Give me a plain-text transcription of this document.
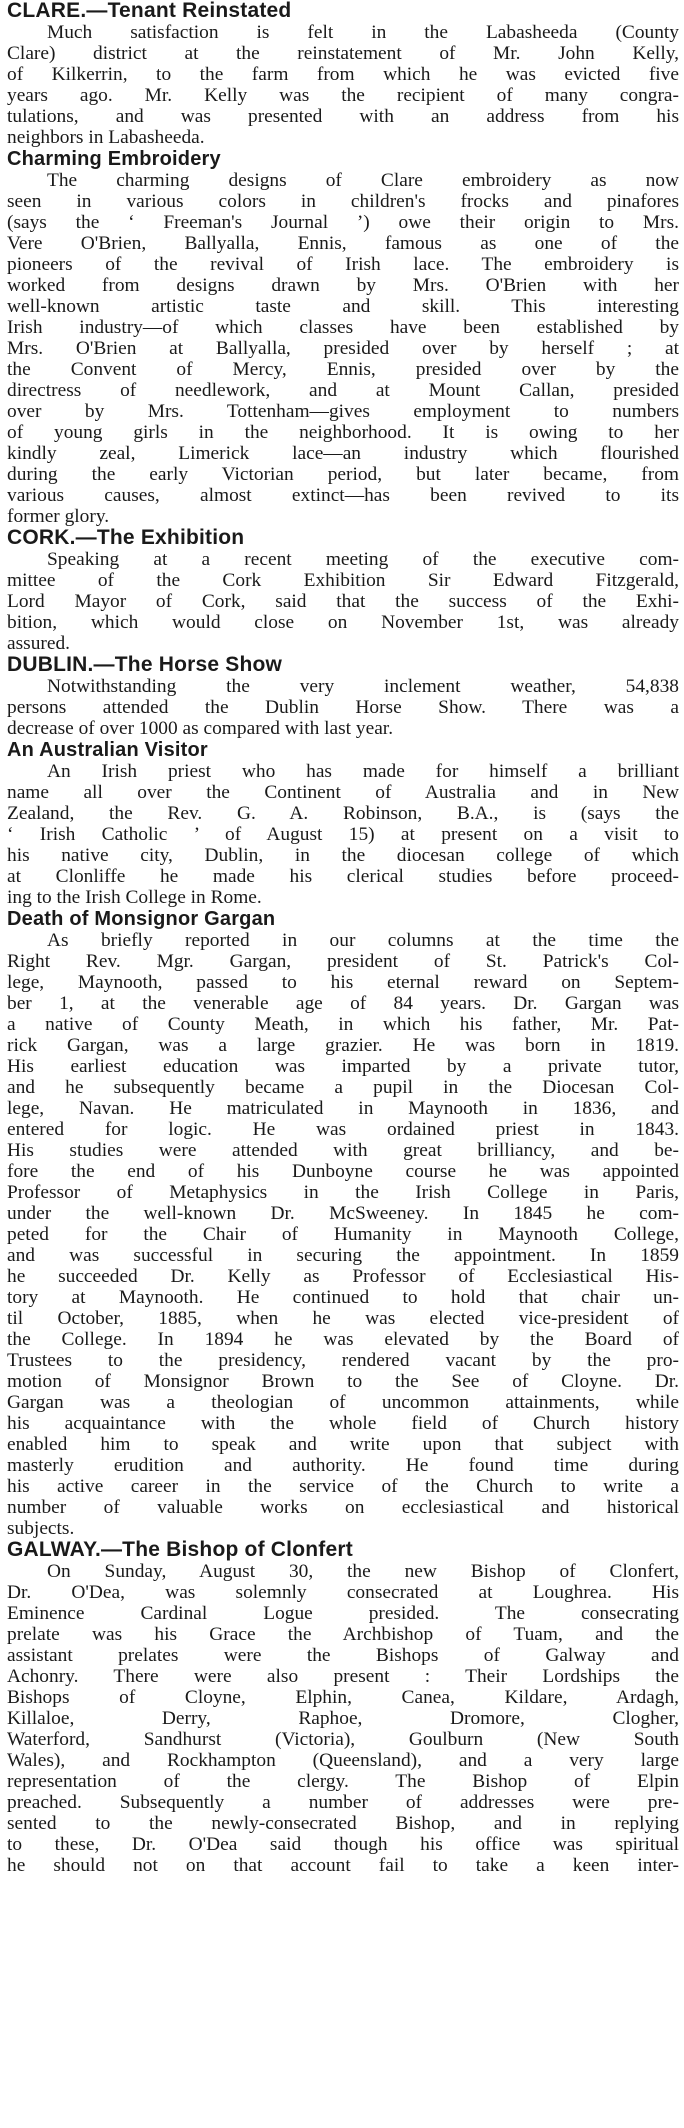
CLARE.—Tenant Reinstated
Much satisfaction is felt in the Labasheeda (County
Clare) district at the reinstatement of Mr. John Kelly,
of Kilkerrin, to the farm from which he was evicted five
years ago. Mr. Kelly was the recipient of many congra-
tulations, and was presented with an address from his
neighbors in Labasheeda.
Charming Embroidery
The charming designs of Clare embroidery as now
seen in various colors in children's frocks and pinafores
(says the ‘ Freeman's Journal ’) owe their origin to Mrs.
Vere O'Brien, Ballyalla, Ennis, famous as one of the
pioneers of the revival of Irish lace. The embroidery is
worked from designs drawn by Mrs. O'Brien with her
well-known artistic taste and skill. This interesting
Irish industry—of which classes have been established by
Mrs. O'Brien at Ballyalla, presided over by herself ; at
the Convent of Mercy, Ennis, presided over by the
directress of needlework, and at Mount Callan, presided
over by Mrs. Tottenham—gives employment to numbers
of young girls in the neighborhood. It is owing to her
kindly zeal, Limerick lace—an industry which flourished
during the early Victorian period, but later became, from
various causes, almost extinct—has been revived to its
former glory.
CORK.—The Exhibition
Speaking at a recent meeting of the executive com-
mittee of the Cork Exhibition Sir Edward Fitzgerald,
Lord Mayor of Cork, said that the success of the Exhi-
bition, which would close on November 1st, was already
assured.
DUBLIN.—The Horse Show
Notwithstanding the very inclement weather, 54,838
persons attended the Dublin Horse Show. There was a
decrease of over 1000 as compared with last year.
An Australian Visitor
An Irish priest who has made for himself a brilliant
name all over the Continent of Australia and in New
Zealand, the Rev. G. A. Robinson, B.A., is (says the
‘ Irish Catholic ’ of August 15) at present on a visit to
his native city, Dublin, in the diocesan college of which
at Clonliffe he made his clerical studies before proceed-
ing to the Irish College in Rome.
Death of Monsignor Gargan
As briefly reported in our columns at the time the
Right Rev. Mgr. Gargan, president of St. Patrick's Col-
lege, Maynooth, passed to his eternal reward on Septem-
ber 1, at the venerable age of 84 years. Dr. Gargan was
a native of County Meath, in which his father, Mr. Pat-
rick Gargan, was a large grazier. He was born in 1819.
His earliest education was imparted by a private tutor,
and he subsequently became a pupil in the Diocesan Col-
lege, Navan. He matriculated in Maynooth in 1836, and
entered for logic. He was ordained priest in 1843.
His studies were attended with great brilliancy, and be-
fore the end of his Dunboyne course he was appointed
Professor of Metaphysics in the Irish College in Paris,
under the well-known Dr. McSweeney. In 1845 he com-
peted for the Chair of Humanity in Maynooth College,
and was successful in securing the appointment. In 1859
he succeeded Dr. Kelly as Professor of Ecclesiastical His-
tory at Maynooth. He continued to hold that chair un-
til October, 1885, when he was elected vice-president of
the College. In 1894 he was elevated by the Board of
Trustees to the presidency, rendered vacant by the pro-
motion of Monsignor Brown to the See of Cloyne. Dr.
Gargan was a theologian of uncommon attainments, while
his acquaintance with the whole field of Church history
enabled him to speak and write upon that subject with
masterly erudition and authority. He found time during
his active career in the service of the Church to write a
number of valuable works on ecclesiastical and historical
subjects.
GALWAY.—The Bishop of Clonfert
On Sunday, August 30, the new Bishop of Clonfert,
Dr. O'Dea, was solemnly consecrated at Loughrea. His
Eminence Cardinal Logue presided. The consecrating
prelate was his Grace the Archbishop of Tuam, and the
assistant prelates were the Bishops of Galway and
Achonry. There were also present : Their Lordships the
Bishops of Cloyne, Elphin, Canea, Kildare, Ardagh,
Killaloe, Derry, Raphoe, Dromore, Clogher,
Waterford, Sandhurst (Victoria), Goulburn (New South
Wales), and Rockhampton (Queensland), and a very large
representation of the clergy. The Bishop of Elpin
preached. Subsequently a number of addresses were pre-
sented to the newly-consecrated Bishop, and in replying
to these, Dr. O'Dea said though his office was spiritual
he should not on that account fail to take a keen inter-
